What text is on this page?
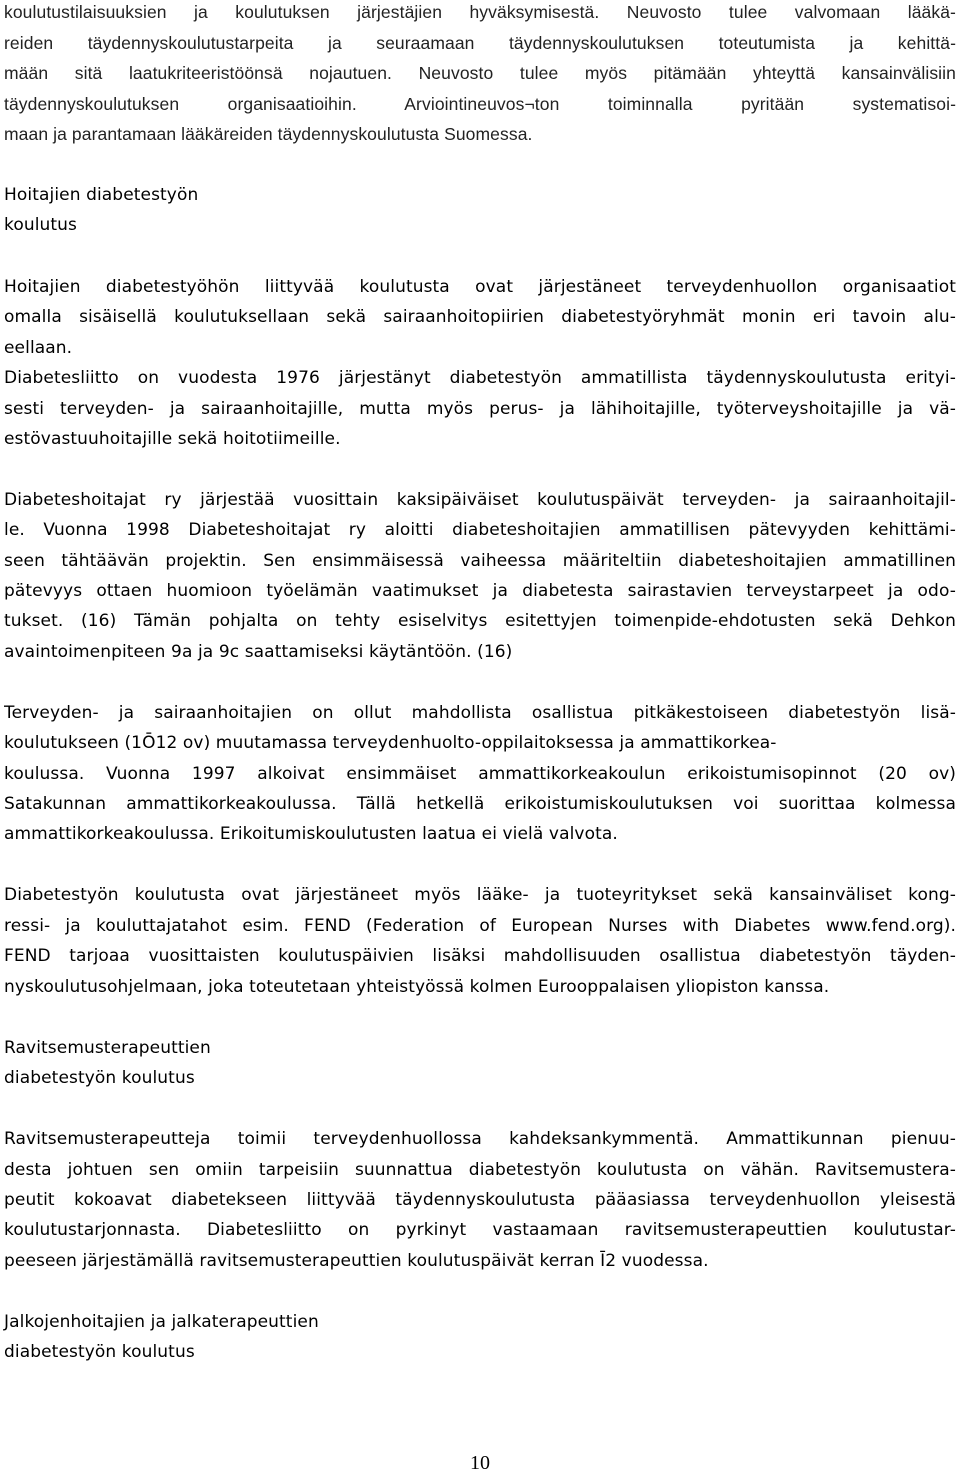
koulutustilaisuuksien ja koulutuksen järjestäjien hyväksymisestä. Neuvosto tulee valvomaan lääkä-
reiden täydennyskoulutustarpeita ja seuraamaan täydennyskoulutuksen toteutumista ja kehittä-
mään sitä laatukriteeristöönsä nojautuen. Neuvosto tulee myös pitämään yhteyttä kansainvälisiin
täydennyskoulutuksen organisaatioihin. Arviointineuvos¬ton toiminnalla pyritään systematisoi-
maan ja parantamaan lääkäreiden täydennyskoulutusta Suomessa.
Hoitajien diabetestyön
koulutus
Hoitajien diabetestyöhön liittyvää koulutusta ovat järjestäneet terveydenhuollon organisaatiot
omalla sisäisellä koulutuksellaan sekä sairaanhoitopiirien diabetestyöryhmät monin eri tavoin alu-
eellaan.
Diabetesliitto on vuodesta 1976 järjestänyt diabetestyön ammatillista täydennyskoulutusta erityi-
sesti terveyden- ja sairaanhoitajille, mutta myös perus- ja lähihoitajille, työterveyshoitajille ja vä-
estövastuuhoitajille sekä hoitotiimeille.
Diabeteshoitajat ry järjestää vuosittain kaksipäiväiset koulutuspäivät terveyden- ja sairaanhoitajil-
le. Vuonna 1998 Diabeteshoitajat ry aloitti diabeteshoitajien ammatillisen pätevyyden kehittämi-
seen tähtäävän projektin. Sen ensimmäisessä vaiheessa määriteltiin diabeteshoitajien ammatillinen
pätevyys ottaen huomioon työelämän vaatimukset ja diabetesta sairastavien terveystarpeet ja odo-
tukset. (16) Tämän pohjalta on tehty esiselvitys esitettyjen toimenpide-ehdotusten sekä Dehkon
avaintoimenpiteen 9a ja 9c saattamiseksi käytäntöön. (16)
Terveyden- ja sairaanhoitajien on ollut mahdollista osallistua pitkäkestoiseen diabetestyön lisä-
koulutukseen (1Ō12 ov) muutamassa terveydenhuolto-oppilaitoksessa ja ammattikorkea-
koulussa. Vuonna 1997 alkoivat ensimmäiset ammattikorkeakoulun erikoistumisopinnot (20 ov)
Satakunnan ammattikorkeakoulussa. Tällä hetkellä erikoistumiskoulutuksen voi suorittaa kolmessa
ammattikorkeakoulussa. Erikoitumiskoulutusten laatua ei vielä valvota.
Diabetestyön koulutusta ovat järjestäneet myös lääke- ja tuoteyritykset sekä kansainväliset kong-
ressi- ja kouluttajatahot esim. FEND (Federation of European Nurses with Diabetes www.fend.org).
FEND tarjoaa vuosittaisten koulutuspäivien lisäksi mahdollisuuden osallistua diabetestyön täyden-
nyskoulutusohjelmaan, joka toteutetaan yhteistyössä kolmen Eurooppalaisen yliopiston kanssa.
Ravitsemusterapeuttien
diabetestyön koulutus
Ravitsemusterapeutteja toimii terveydenhuollossa kahdeksankymmentä. Ammattikunnan pienuu-
desta johtuen sen omiin tarpeisiin suunnattua diabetestyön koulutusta on vähän. Ravitsemustera-
peutit kokoavat diabetekseen liittyvää täydennyskoulutusta pääasiassa terveydenhuollon yleisestä
koulutustarjonnasta. Diabetesliitto on pyrkinyt vastaamaan ravitsemusterapeuttien koulutustar-
peeseen järjestämällä ravitsemusterapeuttien koulutuspäivät kerran Ī2 vuodessa.
Jalkojenhoitajien ja jalkaterapeuttien
diabetestyön koulutus
10
